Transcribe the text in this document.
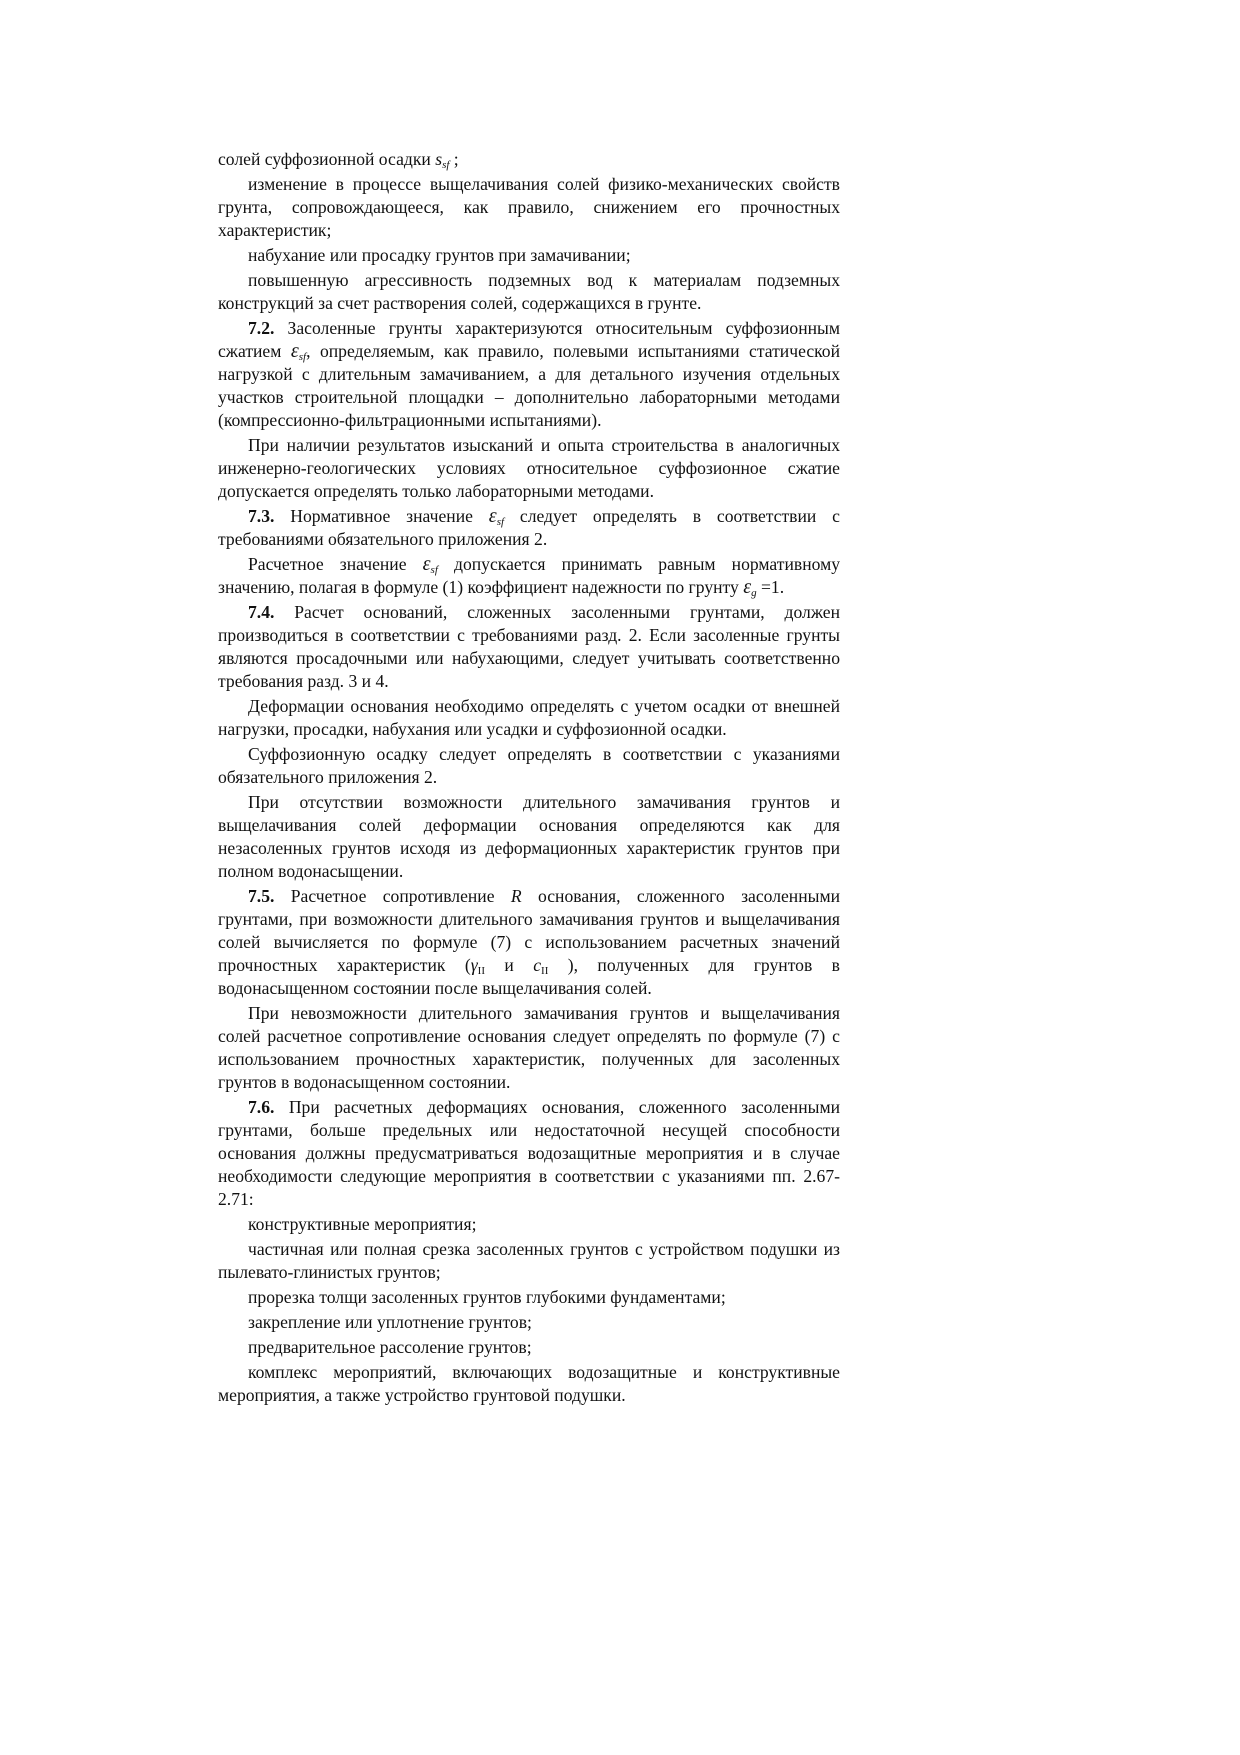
солей суффозионной осадки $s_{sf}$ ;

изменение в процессе выщелачивания солей физико-механических свойств грунта, сопровождающееся, как правило, снижением его прочностных характеристик;

набухание или просадку грунтов при замачивании;

повышенную агрессивность подземных вод к материалам подземных конструкций за счет растворения солей, содержащихся в грунте.

7.2. Засоленные грунты характеризуются относительным суффозионным сжатием $\varepsilon_{sf}$, определяемым, как правило, полевыми испытаниями статической нагрузкой с длительным замачиванием, а для детального изучения отдельных участков строительной площадки – дополнительно лабораторными методами (компрессионно-фильтрационными испытаниями).

При наличии результатов изысканий и опыта строительства в аналогичных инженерно-геологических условиях относительное суффозионное сжатие допускается определять только лабораторными методами.

7.3. Нормативное значение $\varepsilon_{sf}$ следует определять в соответствии с требованиями обязательного приложения 2.

Расчетное значение $\varepsilon_{sf}$ допускается принимать равным нормативному значению, полагая в формуле (1) коэффициент надежности по грунту $\varepsilon_g =1$.

7.4. Расчет оснований, сложенных засоленными грунтами, должен производиться в соответствии с требованиями разд. 2. Если засоленные грунты являются просадочными или набухающими, следует учитывать соответственно требования разд. 3 и 4.

Деформации основания необходимо определять с учетом осадки от внешней нагрузки, просадки, набухания или усадки и суффозионной осадки.

Суффозионную осадку следует определять в соответствии с указаниями обязательного приложения 2.

При отсутствии возможности длительного замачивания грунтов и выщелачивания солей деформации основания определяются как для незасоленных грунтов исходя из деформационных характеристик грунтов при полном водонасыщении.

7.5. Расчетное сопротивление R основания, сложенного засоленными грунтами, при возможности длительного замачивания грунтов и выщелачивания солей вычисляется по формуле (7) с использованием расчетных значений прочностных характеристик ($\gamma_{II}$ и $c_{II}$ ), полученных для грунтов в водонасыщенном состоянии после выщелачивания солей.

При невозможности длительного замачивания грунтов и выщелачивания солей расчетное сопротивление основания следует определять по формуле (7) с использованием прочностных характеристик, полученных для засоленных грунтов в водонасыщенном состоянии.

7.6. При расчетных деформациях основания, сложенного засоленными грунтами, больше предельных или недостаточной несущей способности основания должны предусматриваться водозащитные мероприятия и в случае необходимости следующие мероприятия в соответствии с указаниями пп. 2.67-2.71:

конструктивные мероприятия;

частичная или полная срезка засоленных грунтов с устройством подушки из пылевато-глинистых грунтов;

прорезка толщи засоленных грунтов глубокими фундаментами;

закрепление или уплотнение грунтов;

предварительное рассоление грунтов;

комплекс мероприятий, включающих водозащитные и конструктивные мероприятия, а также устройство грунтовой подушки.
